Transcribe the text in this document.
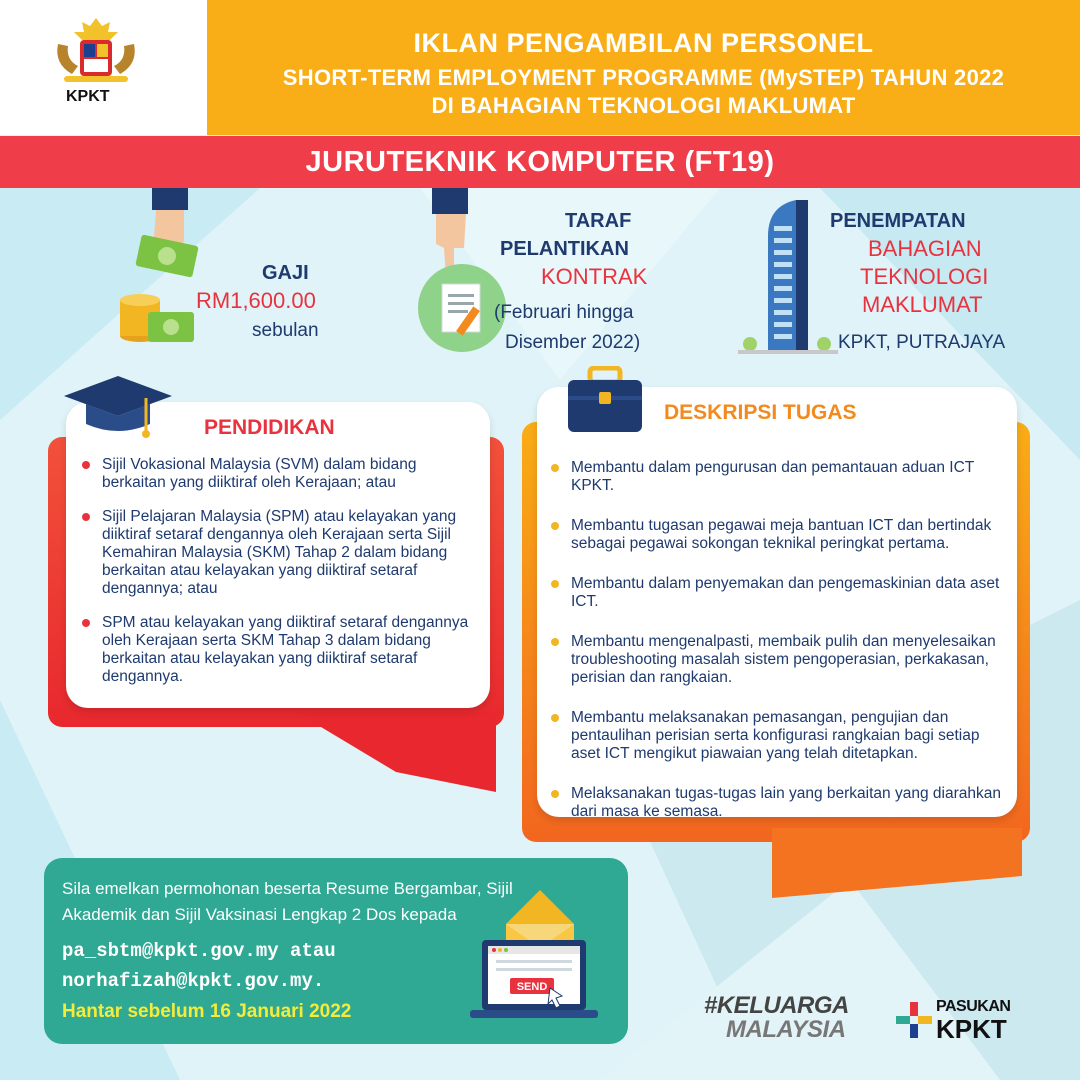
KPKT
IKLAN PENGAMBILAN PERSONEL
SHORT-TERM EMPLOYMENT PROGRAMME (MySTEP) TAHUN 2022
DI BAHAGIAN TEKNOLOGI MAKLUMAT
JURUTEKNIK KOMPUTER (FT19)
GAJI
RM1,600.00
sebulan
TARAF
PELANTIKAN
KONTRAK
(Februari hingga
Disember 2022)
PENEMPATAN
BAHAGIAN
TEKNOLOGI
MAKLUMAT
KPKT, PUTRAJAYA
PENDIDIKAN
Sijil Vokasional Malaysia (SVM) dalam bidang berkaitan yang diiktiraf oleh Kerajaan; atau
Sijil Pelajaran Malaysia (SPM) atau kelayakan yang diiktiraf setaraf dengannya oleh Kerajaan serta Sijil Kemahiran Malaysia (SKM) Tahap 2 dalam bidang berkaitan atau kelayakan yang diiktiraf setaraf dengannya; atau
SPM atau kelayakan yang diiktiraf setaraf dengannya oleh Kerajaan serta SKM Tahap 3 dalam bidang berkaitan atau kelayakan yang diiktiraf setaraf dengannya.
DESKRIPSI TUGAS
Membantu dalam pengurusan dan pemantauan aduan ICT KPKT.
Membantu tugasan pegawai meja bantuan ICT dan bertindak sebagai pegawai sokongan teknikal peringkat pertama.
Membantu dalam penyemakan dan pengemaskinian data aset ICT.
Membantu mengenalpasti, membaik pulih dan menyelesaikan troubleshooting masalah sistem pengoperasian, perkakasan, perisian dan rangkaian.
Membantu melaksanakan pemasangan, pengujian dan pentaulihan perisian serta konfigurasi rangkaian bagi setiap aset ICT mengikut piawaian yang telah ditetapkan.
Melaksanakan tugas-tugas lain yang berkaitan yang diarahkan dari masa ke semasa.
Sila emelkan permohonan beserta Resume Bergambar, Sijil Akademik dan Sijil Vaksinasi Lengkap 2 Dos kepada
pa_sbtm@kpkt.gov.my atau
norhafizah@kpkt.gov.my.
Hantar sebelum 16 Januari 2022
SEND
#KELUARGA
MALAYSIA
PASUKAN
KPKT
